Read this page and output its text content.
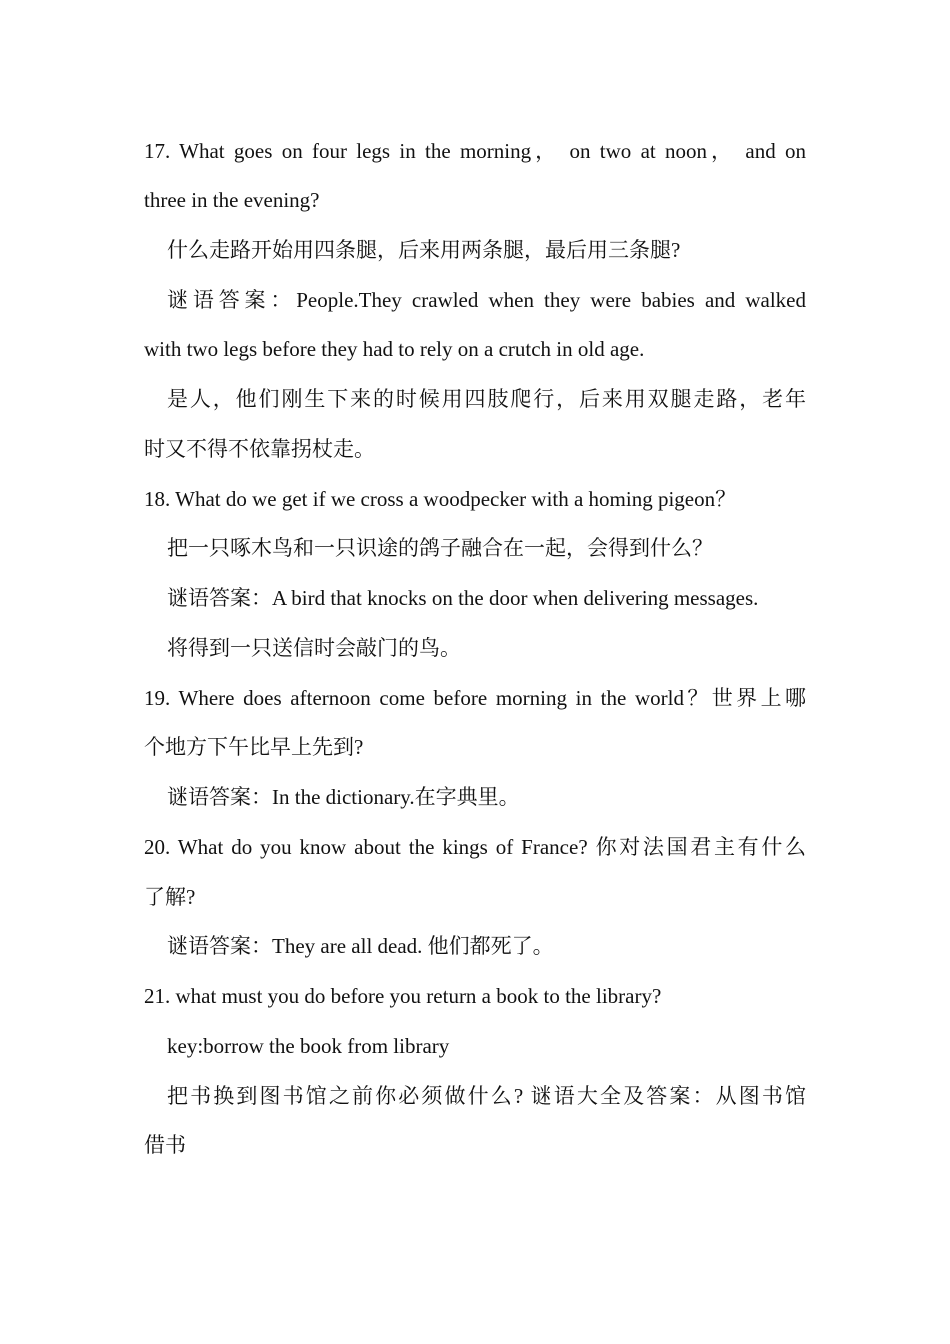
17. What goes on four legs in the morning， on two at noon， and on
three in the evening?
什么走路开始用四条腿，后来用两条腿，最后用三条腿?
谜语答案：People.They crawled when they were babies and walked
with two legs before they had to rely on a crutch in old age.
是人，他们刚生下来的时候用四肢爬行，后来用双腿走路，老年
时又不得不依靠拐杖走。
18. What do we get if we cross a woodpecker with a homing pigeon？
把一只啄木鸟和一只识途的鸽子融合在一起，会得到什么？
谜语答案：A bird that knocks on the door when delivering messages.
将得到一只送信时会敲门的鸟。
19. Where does afternoon come before morning in the world？世界上哪
个地方下午比早上先到?
谜语答案：In the dictionary.在字典里。
20. What do you know about the kings of France? 你对法国君主有什么
了解?
谜语答案：They are all dead. 他们都死了。
21. what must you do before you return a book to the library?
key:borrow the book from library
把书换到图书馆之前你必须做什么? 谜语大全及答案：从图书馆
借书
